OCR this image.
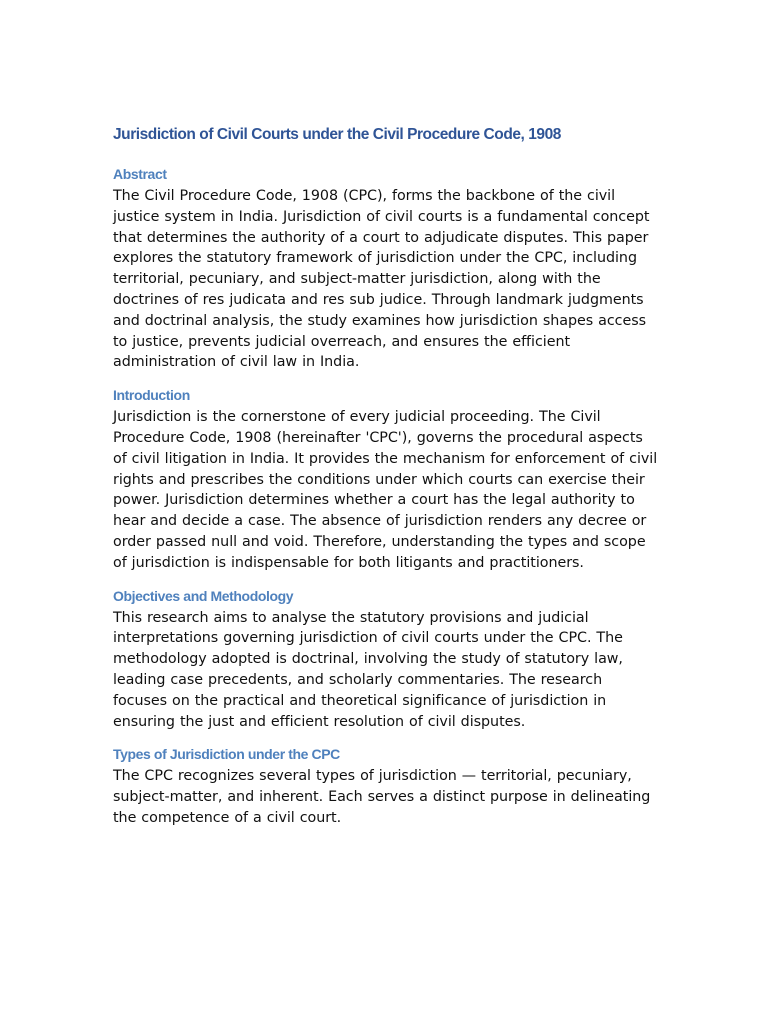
Jurisdiction of Civil Courts under the Civil Procedure Code, 1908
Abstract

The Civil Procedure Code, 1908 (CPC), forms the backbone of the civil justice system in India. Jurisdiction of civil courts is a fundamental concept that determines the authority of a court to adjudicate disputes. This paper explores the statutory framework of jurisdiction under the CPC, including territorial, pecuniary, and subject-matter jurisdiction, along with the doctrines of res judicata and res sub judice. Through landmark judgments and doctrinal analysis, the study examines how jurisdiction shapes access to justice, prevents judicial overreach, and ensures the efficient administration of civil law in India.

Introduction

Jurisdiction is the cornerstone of every judicial proceeding. The Civil Procedure Code, 1908 (hereinafter 'CPC'), governs the procedural aspects of civil litigation in India. It provides the mechanism for enforcement of civil rights and prescribes the conditions under which courts can exercise their power. Jurisdiction determines whether a court has the legal authority to hear and decide a case. The absence of jurisdiction renders any decree or order passed null and void. Therefore, understanding the types and scope of jurisdiction is indispensable for both litigants and practitioners.

Objectives and Methodology

This research aims to analyse the statutory provisions and judicial interpretations governing jurisdiction of civil courts under the CPC. The methodology adopted is doctrinal, involving the study of statutory law, leading case precedents, and scholarly commentaries. The research focuses on the practical and theoretical significance of jurisdiction in ensuring the just and efficient resolution of civil disputes.

Types of Jurisdiction under the CPC

The CPC recognizes several types of jurisdiction — territorial, pecuniary, subject-matter, and inherent. Each serves a distinct purpose in delineating the competence of a civil court.
